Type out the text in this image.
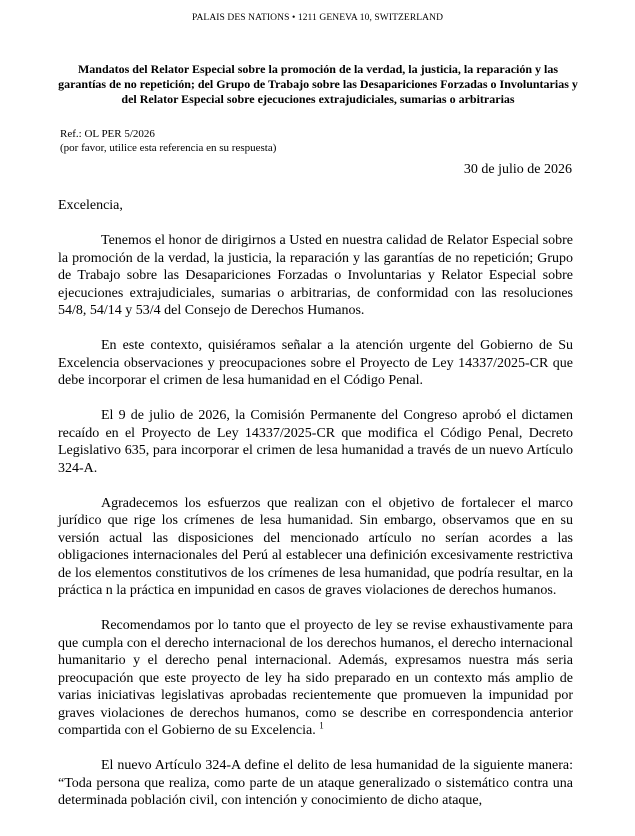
PALAIS DES NATIONS • 1211 GENEVA 10, SWITZERLAND
Mandatos del Relator Especial sobre la promoción de la verdad, la justicia, la reparación y las garantías de no repetición; del Grupo de Trabajo sobre las Desapariciones Forzadas o Involuntarias y del Relator Especial sobre ejecuciones extrajudiciales, sumarias o arbitrarias
Ref.: OL PER 5/2026
(por favor, utilice esta referencia en su respuesta)
30 de julio de 2026
Excelencia,

Tenemos el honor de dirigirnos a Usted en nuestra calidad de Relator Especial sobre la promoción de la verdad, la justicia, la reparación y las garantías de no repetición; Grupo de Trabajo sobre las Desapariciones Forzadas o Involuntarias y Relator Especial sobre ejecuciones extrajudiciales, sumarias o arbitrarias, de conformidad con las resoluciones 54/8, 54/14 y 53/4 del Consejo de Derechos Humanos.

En este contexto, quisiéramos señalar a la atención urgente del Gobierno de Su Excelencia observaciones y preocupaciones sobre el Proyecto de Ley 14337/2025-CR que debe incorporar el crimen de lesa humanidad en el Código Penal.

El 9 de julio de 2026, la Comisión Permanente del Congreso aprobó el dictamen recaído en el Proyecto de Ley 14337/2025-CR que modifica el Código Penal, Decreto Legislativo 635, para incorporar el crimen de lesa humanidad a través de un nuevo Artículo 324-A.

Agradecemos los esfuerzos que realizan con el objetivo de fortalecer el marco jurídico que rige los crímenes de lesa humanidad. Sin embargo, observamos que en su versión actual las disposiciones del mencionado artículo no serían acordes a las obligaciones internacionales del Perú al establecer una definición excesivamente restrictiva de los elementos constitutivos de los crímenes de lesa humanidad, que podría resultar, en la práctica n la práctica en impunidad en casos de graves violaciones de derechos humanos.

Recomendamos por lo tanto que el proyecto de ley se revise exhaustivamente para que cumpla con el derecho internacional de los derechos humanos, el derecho internacional humanitario y el derecho penal internacional. Además, expresamos nuestra más seria preocupación que este proyecto de ley ha sido preparado en un contexto más amplio de varias iniciativas legislativas aprobadas recientemente que promueven la impunidad por graves violaciones de derechos humanos, como se describe en correspondencia anterior compartida con el Gobierno de su Excelencia. $^1$

El nuevo Artículo 324-A define el delito de lesa humanidad de la siguiente manera: “Toda persona que realiza, como parte de un ataque generalizado o sistemático contra una determinada población civil, con intención y conocimiento de dicho ataque,
